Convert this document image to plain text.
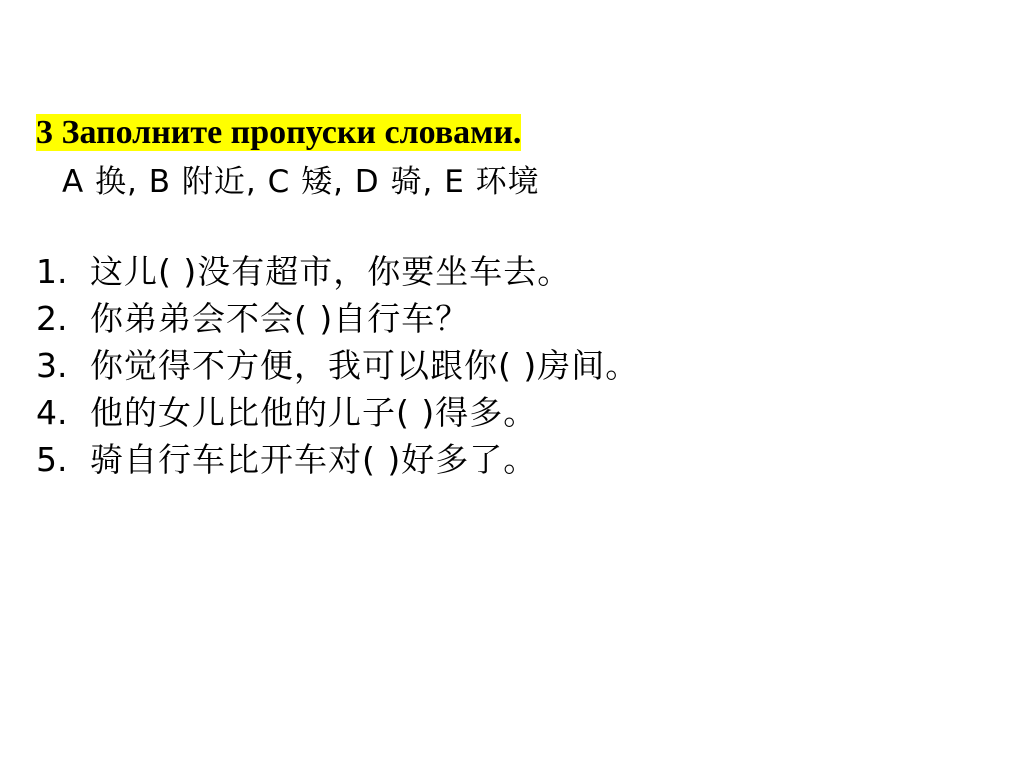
3 Заполните пропуски словами.
A 换, B 附近, C 矮, D 骑, E 环境
1. 这儿( )没有超市，你要坐车去。
2. 你弟弟会不会( )自行车？
3. 你觉得不方便，我可以跟你( )房间。
4. 他的女儿比他的儿子( )得多。
5. 骑自行车比开车对( )好多了。
